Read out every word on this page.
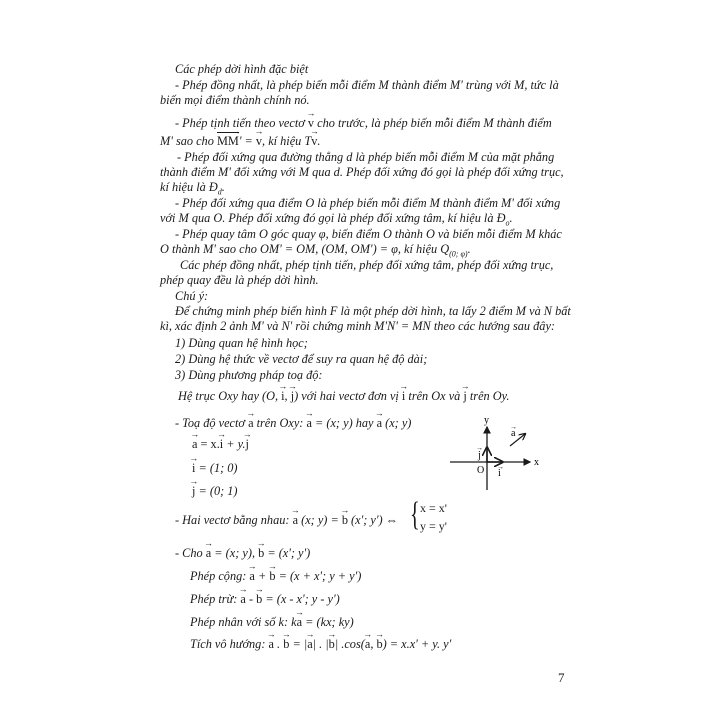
Các phép dời hình đặc biệt
- Phép đồng nhất, là phép biến mỗi điểm M thành điểm M' trùng với M, tức là
biến mọi điểm thành chính nó.
- Phép tịnh tiến theo vectơ → v cho trước, là phép biến mỗi điểm M thành điểm
M' sao cho → MM' = → v, kí hiệu T→ v.
- Phép đối xứng qua đường thẳng d là phép biến mỗi điểm M của mặt phẳng
thành điểm M' đối xứng với M qua d. Phép đối xứng đó gọi là phép đối xứng trục,
kí hiệu là $Đ_d$.
- Phép đối xứng qua điểm O là phép biến mỗi điểm M thành điểm M' đối xứng
với M qua O. Phép đối xứng đó gọi là phép đối xứng tâm, kí hiệu là $Đ_o$.
- Phép quay tâm O góc quay φ, biến điểm O thành O và biến mỗi điểm M khác
O thành M' sao cho OM' = OM, (OM, OM') = φ, kí hiệu $Q_{(0; \varphi)}$.
Các phép đồng nhất, phép tịnh tiến, phép đối xứng tâm, phép đối xứng trục,
phép quay đều là phép dời hình.
Chú ý:
Để chứng minh phép biến hình F là một phép dời hình, ta lấy 2 điểm M và N bất
kì, xác định 2 ảnh M' và N' rồi chứng minh M'N' = MN theo các hướng sau đây:
1) Dùng quan hệ hình học;
2) Dùng hệ thức về vectơ để suy ra quan hệ độ dài;
3) Dùng phương pháp toạ độ:
Hệ trục Oxy hay (O, → i, → j) với hai vectơ đơn vị → i trên Ox và → j trên Oy.
- Toạ độ vectơ → a trên Oxy: → a = (x; y) hay → a (x; y)
→ a = x.→ i + y.→ j
→ i = (1; 0)
→ j = (0; 1)
x
y
O i
j
a
→
→
→
- Hai vectơ bằng nhau: → a (x; y) = → b (x'; y') ⇔ { x = x'
y = y'
- Cho → a = (x; y), → b = (x'; y')
Phép cộng: → a + → b = (x + x'; y + y')
Phép trừ: → a - → b = (x - x'; y - y')
Phép nhân với số k: k→ a = (kx; ky)
Tích vô hướng: → a . → b = |→ a| . |→ b| .cos(→ a, → b) = x.x' + y. y'
7
